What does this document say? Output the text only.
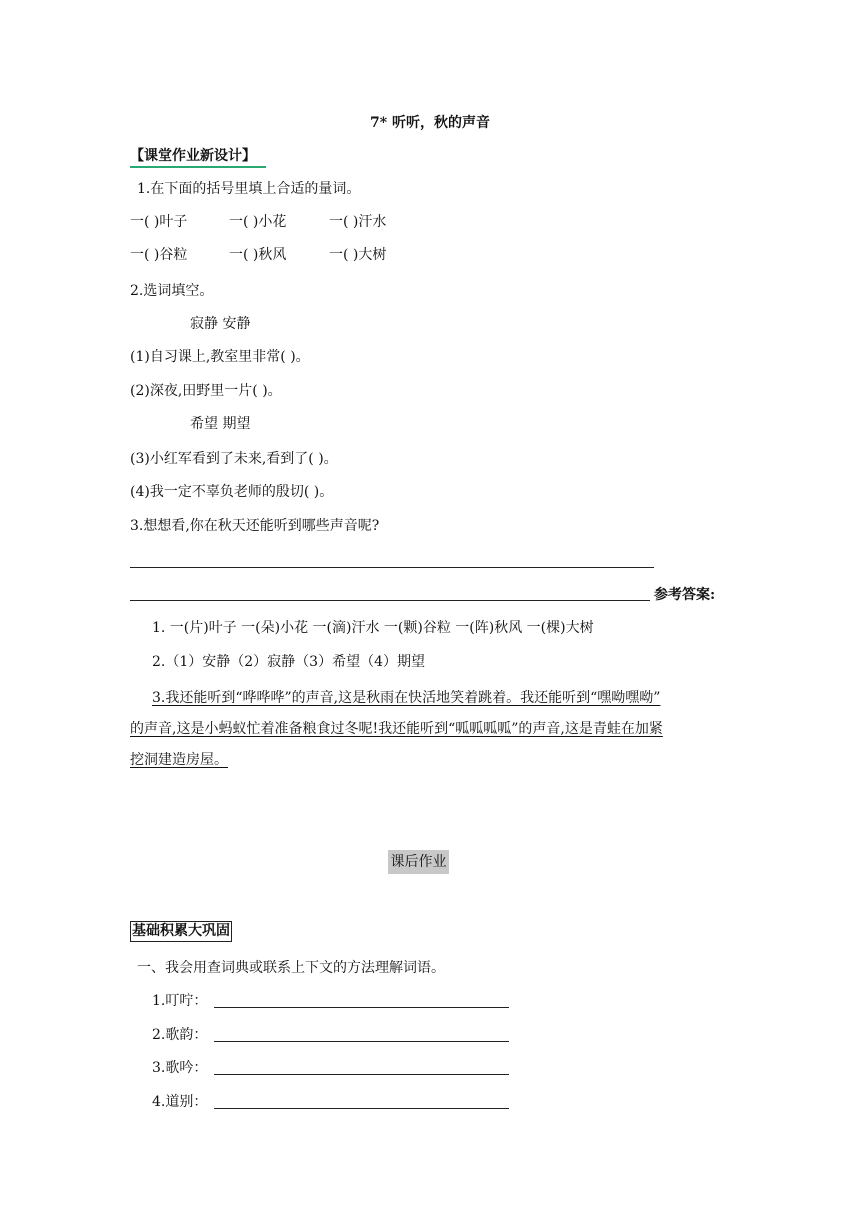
7* 听听，秋的声音
【课堂作业新设计】
1.在下面的括号里填上合适的量词。
一( )叶子	一( )小花	一( )汗水
一( )谷粒	一( )秋风	一( )大树
2.选词填空。
寂静 安静
(1)自习课上,教室里非常( )。
(2)深夜,田野里一片( )。
希望 期望
(3)小红军看到了未来,看到了( )。
(4)我一定不辜负老师的殷切( )。
3.想想看,你在秋天还能听到哪些声音呢?
参考答案:
1. 一(片)叶子 一(朵)小花 一(滴)汗水 一(颗)谷粒 一(阵)秋风 一(棵)大树
2.（1）安静（2）寂静（3）希望（4）期望
3.我还能听到“哗哗哗”的声音,这是秋雨在快活地笑着跳着。我还能听到“嘿呦嘿呦”
的声音,这是小蚂蚁忙着准备粮食过冬呢!我还能听到“呱呱呱呱”的声音,这是青蛙在加紧
挖洞建造房屋。
课后作业
基础积累大巩固
一、我会用查词典或联系上下文的方法理解词语。
1.叮咛：
2.歌韵：
3.歌吟：
4.道别：
